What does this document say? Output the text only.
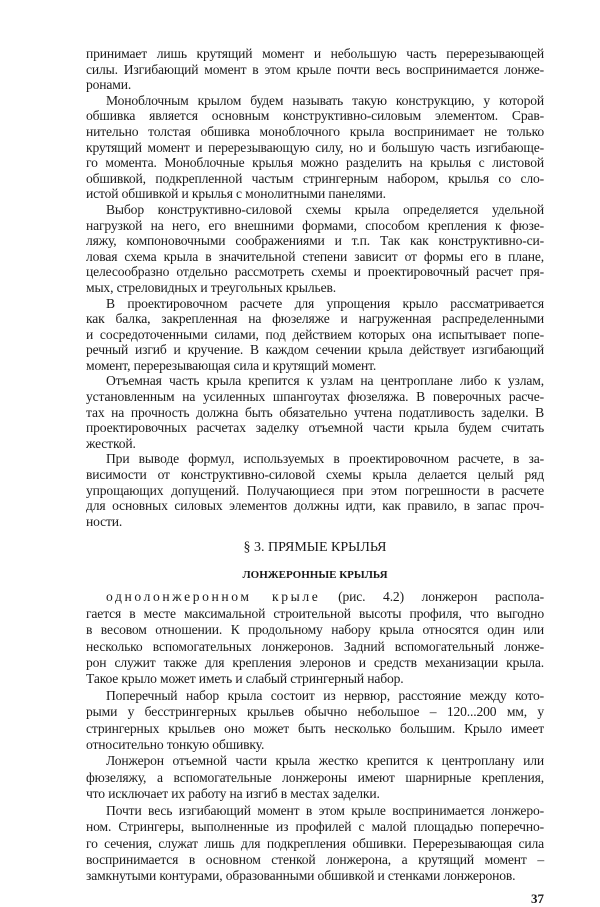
принимает лишь крутящий момент и небольшую часть перерезывающей
силы. Изгибающий момент в этом крыле почти весь воспринимается лонже-
ронами.
Моноблочным крылом будем называть такую конструкцию, у которой
обшивка является основным конструктивно-силовым элементом. Срав-
нительно толстая обшивка моноблочного крыла воспринимает не только
крутящий момент и перерезывающую силу, но и большую часть изгибающе-
го момента. Моноблочные крылья можно разделить на крылья с листовой
обшивкой, подкрепленной частым стрингерным набором, крылья со сло-
истой обшивкой и крылья с монолитными панелями.
Выбор конструктивно-силовой схемы крыла определяется удельной
нагрузкой на него, его внешними формами, способом крепления к фюзе-
ляжу, компоновочными соображениями и т.п. Так как конструктивно-си-
ловая схема крыла в значительной степени зависит от формы его в плане,
целесообразно отдельно рассмотреть схемы и проектировочный расчет пря-
мых, стреловидных и треугольных крыльев.
В проектировочном расчете для упрощения крыло рассматривается
как балка, закрепленная на фюзеляже и нагруженная распределенными
и сосредоточенными силами, под действием которых она испытывает попе-
речный изгиб и кручение. В каждом сечении крыла действует изгибающий
момент, перерезывающая сила и крутящий момент.
Отъемная часть крыла крепится к узлам на центроплане либо к узлам,
установленным на усиленных шпангоутах фюзеляжа. В поверочных расче-
тах на прочность должна быть обязательно учтена податливость заделки. В
проектировочных расчетах заделку отъемной части крыла будем считать
жесткой.
При выводе формул, используемых в проектировочном расчете, в за-
висимости от конструктивно-силовой схемы крыла делается целый ряд
упрощающих допущений. Получающиеся при этом погрешности в расчете
для основных силовых элементов должны идти, как правило, в запас проч-
ности.
§ 3. ПРЯМЫЕ КРЫЛЬЯ
ЛОНЖЕРОННЫЕ КРЫЛЬЯ
однолонжеронном крыле (рис. 4.2) лонжерон распола-
гается в месте максимальной строительной высоты профиля, что выгодно
в весовом отношении. К продольному набору крыла относятся один или
несколько вспомогательных лонжеронов. Задний вспомогательный лонже-
рон служит также для крепления элеронов и средств механизации крыла.
Такое крыло может иметь и слабый стрингерный набор.
Поперечный набор крыла состоит из нервюр, расстояние между кото-
рыми у бесстрингерных крыльев обычно небольшое – 120...200 мм, у
стрингерных крыльев оно может быть несколько большим. Крыло имеет
относительно тонкую обшивку.
Лонжерон отъемной части крыла жестко крепится к центроплану или
фюзеляжу, а вспомогательные лонжероны имеют шарнирные крепления,
что исключает их работу на изгиб в местах заделки.
Почти весь изгибающий момент в этом крыле воспринимается лонжеро-
ном. Стрингеры, выполненные из профилей с малой площадью поперечно-
го сечения, служат лишь для подкрепления обшивки. Перерезывающая сила
воспринимается в основном стенкой лонжерона, а крутящий момент –
замкнутыми контурами, образованными обшивкой и стенками лонжеронов.
37
